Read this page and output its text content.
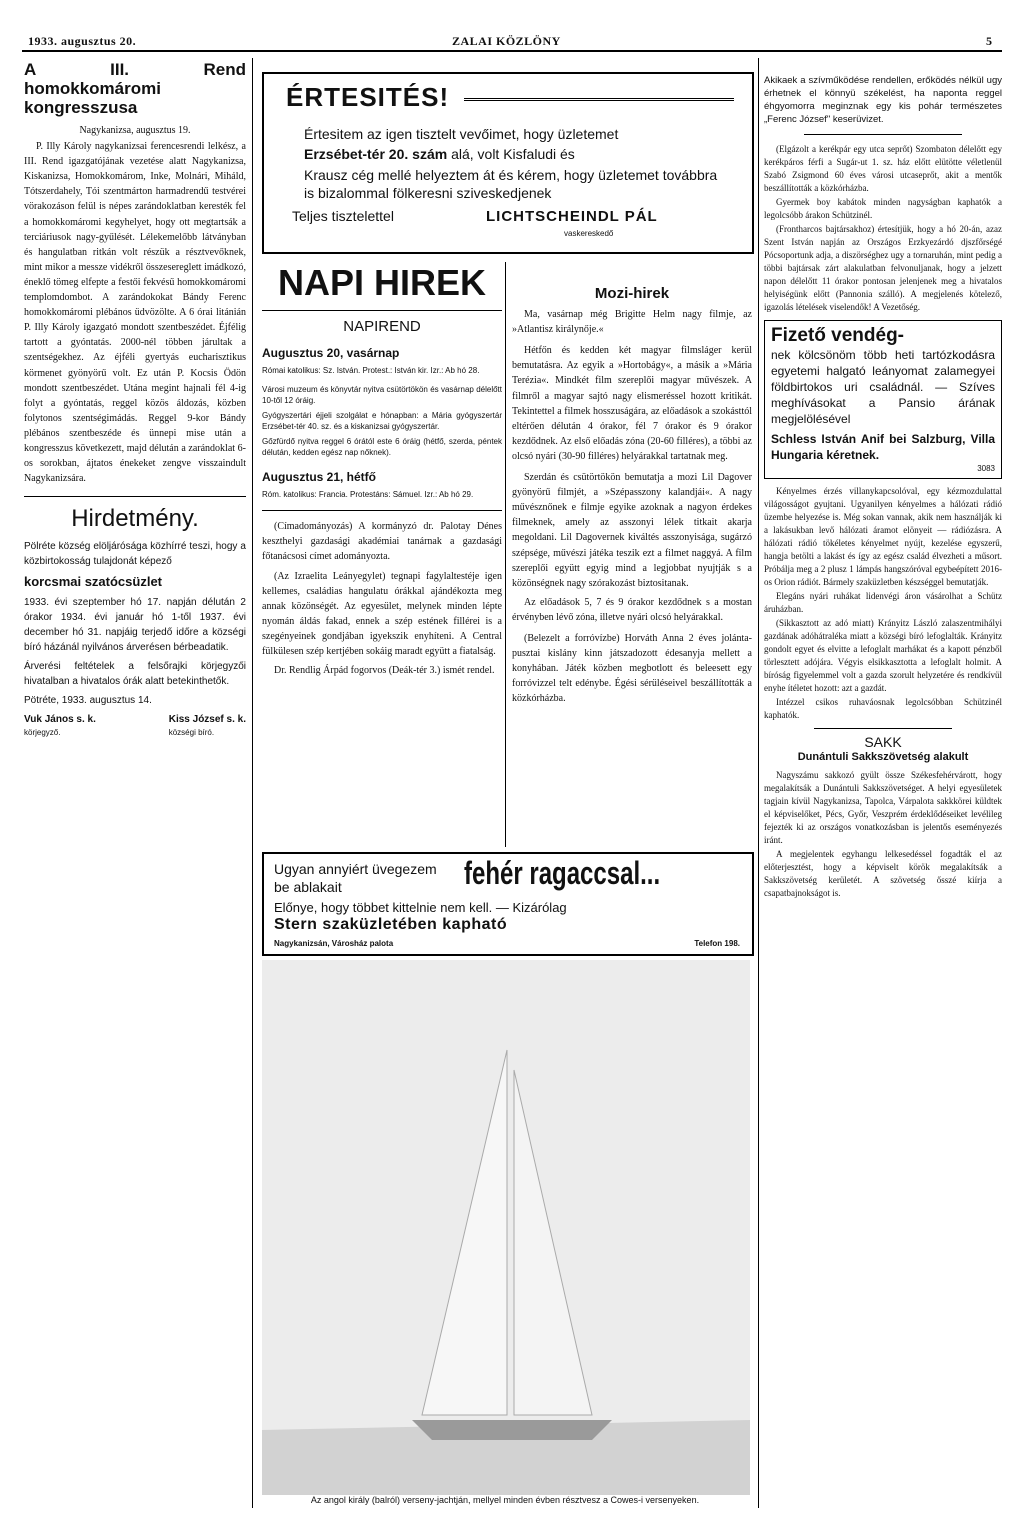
1933. augusztus 20.	ZALAI KÖZLÖNY	5
A III. Rend homokkomáromi kongresszusa

Nagykanizsa, augusztus 19.

P. Illy Károly nagykanizsai ferencesrendi lelkész, a III. Rend igazgatójának vezetése alatt Nagykanizsa, Kiskanizsa, Homokkomárom, Inke, Molnári, Miháld, Tótszerdahely, Tói szentmárton harmadrendű testvérei vörakozáson felül is népes zarándoklatban keresték fel a homokkomáromi kegyhelyet, hogy ott megtartsák a terciáriusok nagy-gyűlését. Lélekemelőbb látványban és hangulatban ritkán volt részük a résztvevőknek, mint mikor a messze vidékről összesereglett imádkozó, éneklő tömeg elfepte a festői fekvésű homokkomáromi templomdombot. A zarándokokat Bándy Ferenc homokkomáromi plébános üdvözölte. A 6 órai litánián P. Illy Károly igazgató mondott szentbeszédet. Éjfélig tartott a gyóntatás. 2000-nél többen járultak a szentségekhez. Az éjféli gyertyás eucharisztikus körmenet gyönyörű volt. Ez után P. Kocsis Ödön mondott szentbeszédet. Utána megint hajnali fél 4-ig folyt a gyóntatás, reggel közös áldozás, közben folytonos szentségimádás. Reggel 9-kor Bándy plébános szentbeszéde és ünnepi mise után a kongresszus következett, majd délután a zarándoklat 6-os sorokban, ájtatos énekeket zengve visszaindult Nagykanizsára.

Hirdetmény.
Pölréte község elöljárósága közhírré teszi, hogy a közbirtokosság tulajdonát képező
korcsmai szatócsüzlet
1933. évi szeptember hó 17. napján délután 2 órakor 1934. évi január hó 1-től 1937. évi december hó 31. napjáig terjedő időre a községi bíró házánál nyilvános árverésen bérbeadatik.
Árverési feltételek a felsőrajki körjegyzői hivatalban a hivatalos órák alatt betekinthetők.
Pötréte, 1933. augusztus 14.
Vuk János s. k.
körjegyző.
Kiss József s. k.
községi bíró.
ÉRTESITÉS!
Értesitem az igen tisztelt vevőimet, hogy üzletemet
Erzsébet-tér 20. szám alá, volt Kisfaludi és
Krausz cég mellé helyeztem át és kérem, hogy üzletemet továbbra is bizalommal fölkeresni sziveskedjenek
Teljes tisztelettel	LICHTSCHEINDL PÁL
vaskereskedő
NAPI HIREK
NAPIREND
Augusztus 20, vasárnap
Római katolikus: Sz. István. Protest.: István kir. Izr.: Ab hó 28.
Városi muzeum és könyvtár nyitva csütörtökön és vasárnap délelőtt 10-től 12 óráig.
Gyógyszertári éjjeli szolgálat e hónapban: a Mária gyógyszertár Erzsébet-tér 40. sz. és a kiskanizsai gyógyszertár.
Gőzfürdő nyitva reggel 6 órától este 6 óráig (hétfő, szerda, péntek délután, kedden egész nap nőknek).
Augusztus 21, hétfő
Róm. katolikus: Francia. Protestáns: Sámuel. Izr.: Ab hó 29.

(Címadományozás) A kormányzó dr. Palotay Dénes keszthelyi gazdasági akadémiai tanárnak a gazdasági főtanácsosi címet adományozta.

(Az Izraelita Leányegylet) tegnapi fagylaltestéje igen kellemes, családias hangulatu órákkal ajándékozta meg annak közönségét. Az egyesület, melynek minden lépte nyomán áldás fakad, ennek a szép estének fillérei is a szegényeinek gondjában igyekszik enyhíteni. A Central fülkülesen szép kertjében sokáig maradt együtt a fiatalság.

Dr. Rendlig Árpád fogorvos (Deák-tér 3.) ismét rendel.

Mozi-hirek

Ma, vasárnap még Brigitte Helm nagy filmje, az »Atlantisz királynője.«

Hétfőn és kedden két magyar filmsláger kerül bemutatásra. Az egyik a »Hortobágy«, a másik a »Mária Terézia«. Mindkét film szereplői magyar művészek. A filmről a magyar sajtó nagy elismeréssel hozott kritikát. Tekintettel a filmek hosszuságára, az előadások a szokásttól eltérően délután 4 órakor, fél 7 órakor és 9 órakor kezdődnek. Az első előadás zóna (20-60 filléres), a többi az olcsó nyári (30-90 filléres) helyárakkal tartatnak meg.

Szerdán és csütörtökön bemutatja a mozi Lil Dagover gyönyörű filmjét, a »Szépasszony kalandjái«. A nagy művésznőnek e filmje egyike azoknak a nagyon érdekes filmeknek, amely az asszonyi lélek titkait akarja megoldani. Lil Dagovernek kiváltés asszonyisága, sugárzó szépsége, művészi játéka teszik ezt a filmet naggyá. A film szereplői együtt egyig mind a legjobbat nyujtják s a közönségnek nagy szórakozást biztositanak.

Az előadások 5, 7 és 9 órakor kezdődnek s a mostan érvényben lévő zóna, illetve nyári olcsó helyárakkal.

(Belezelt a forróvízbe) Horváth Anna 2 éves jolánta-pusztai kislány kinn játszadozott édesanyja mellett a konyhában. Játék közben megbotlott és beleesett egy forróvizzel telt edénybe. Égési sérüléseivel beszállították a közkórházba.

Ugyan annyiért üvegezem be ablakait	fehér ragaccsal...
Előnye, hogy többet kittelnie nem kell. — Kizárólag
Stern szaküzletében kapható
Nagykanizsán, Városház palota	Telefon 198.
Az angol király (balról) verseny-jachtján, mellyel minden évben résztvesz a Cowes-i versenyeken.

Akikaek a szívműködése rendellen, erőködés nélkül ugy érhetnek el könnyü székelést, ha naponta reggel éhgyomorra meginznak egy kis pohár természetes „Ferenc József" keserüvizet.

(Elgázolt a kerékpár egy utca seprőt) Szombaton délelőtt egy kerékpáros férfi a Sugár-ut 1. sz. ház előtt elütötte véletlenül Szabó Zsigmond 60 éves városi utcaseprőt, akit a mentők beszállították a közkórházba.

Gyermek boy kabátok minden nagyságban kaphatók a legolcsóbb árakon Schützinél.

(Frontharcos bajtársakhoz) értesítjük, hogy a hó 20-án, azaz Szent István napján az Országos Erzkyezárdó djszfőrségé Pócsoportunk adja, a diszörséghez ugy a tornaruhán, mint pedig a többi bajtársak zárt alakulatban felvonuljanak, hogy a jelzett napon délelőtt 11 órakor pontosan jelenjenek meg a hivatalos helyiségünk előtt (Pannonia szálló). A megjelenés kötelező, igazolás lételések viselendők! A Vezetőség.

Fizető vendég-
nek kölcsönöm több heti tartózkodásra egyetemi halgató leányomat zalamegyei földbirtokos uri családnál. — Szíves meghívásokat a Pansio árának megjelölésével
Schless István Anif bei Salzburg, Villa Hungaria kéretnek.
3083

Kényelmes érzés villanykapcsolóval, egy kézmozdulattal világosságot gyujtani. Ugyanilyen kényelmes a hálózati rádió üzembe helyezése is. Még sokan vannak, akik nem használják ki a lakásukban levő hálózati áramot elönyeit — rádiózásra. A hálózati rádió tökéletes kényelmet nyújt, kezelése egyszerű, hangja betölti a lakást és így az egész család élvezheti a műsort. Próbálja meg a 2 plusz 1 lámpás hangszóróval egybeépített 2016-os Orion rádiót. Bármely szaküzletben készséggel bemutatják.

Elegáns nyári ruhákat lidenvégi áron vásárolhat a Schütz áruházban.

(Sikkasztott az adó miatt) Krányitz László zalaszentmihályi gazdának adóhátraléka miatt a községi bíró lefoglalták. Krányitz gondolt egyet és elvitte a lefoglalt marhákat és a kapott pénzből törlesztett adójára. Végyis elsikkasztotta a lefoglalt holmit. A bíróság figyelemmel volt a gazda szorult helyzetére és rendkívül enyhe ítéletet hozott: azt a gazdát.

Intézzel csikos ruhaváosnak legolcsóbban Schützinél kaphatók.

SAKK
Dunántuli Sakkszövetség alakult

Nagyszámu sakkozó gyült össze Székesfehérvárott, hogy megalakítsák a Dunántuli Sakkszövetséget. A helyi egyesületek tagjain kívül Nagykanizsa, Tapolca, Várpalota sakkkörei küldtek el képviselőket, Pécs, Győr, Veszprém érdeklődéseiket levélileg fejezték ki az országos vonatkozásban is jelentős eseményezés iránt.

A megjelentek egyhangu lelkesedéssel fogadták el az előterjesztést, hogy a képviselt körök megalakítsák a Sakkszövetség kerületét. A szövetség ősszé kiírja a csapatbajnokságot is.
